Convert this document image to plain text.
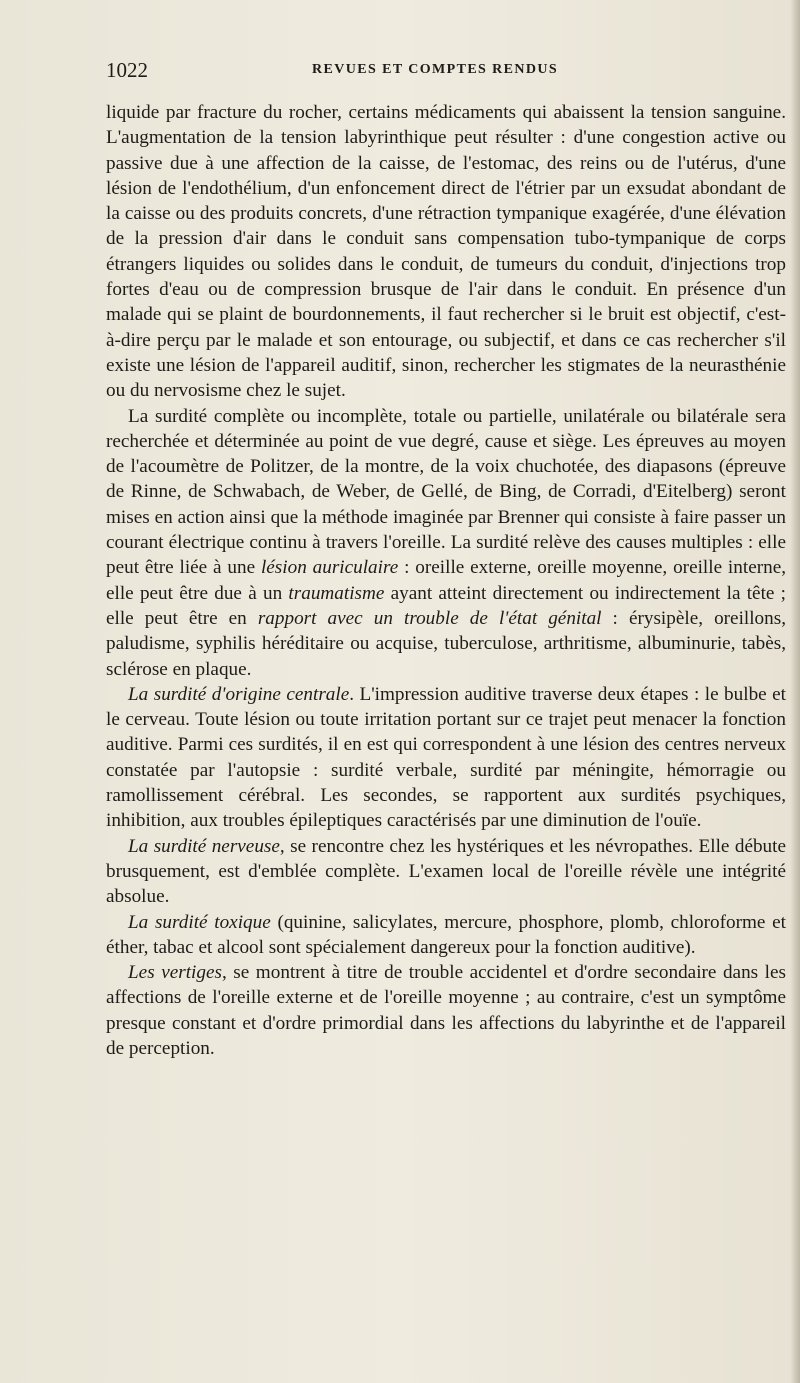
1022	REVUES ET COMPTES RENDUS

liquide par fracture du rocher, certains médicaments qui abaissent la tension sanguine. L'augmentation de la tension labyrinthique peut résulter : d'une congestion active ou passive due à une affection de la caisse, de l'estomac, des reins ou de l'utérus, d'une lésion de l'endothélium, d'un enfoncement direct de l'étrier par un exsudat abondant de la caisse ou des produits concrets, d'une rétraction tympanique exagérée, d'une élévation de la pression d'air dans le conduit sans compensation tubo-tympanique de corps étrangers liquides ou solides dans le conduit, de tumeurs du conduit, d'injections trop fortes d'eau ou de compression brusque de l'air dans le conduit. En présence d'un malade qui se plaint de bourdonnements, il faut rechercher si le bruit est objectif, c'est-à-dire perçu par le malade et son entourage, ou subjectif, et dans ce cas rechercher s'il existe une lésion de l'appareil auditif, sinon, rechercher les stigmates de la neurasthénie ou du nervosisme chez le sujet.

La surdité complète ou incomplète, totale ou partielle, unilatérale ou bilatérale sera recherchée et déterminée au point de vue degré, cause et siège. Les épreuves au moyen de l'acoumètre de Politzer, de la montre, de la voix chuchotée, des diapasons (épreuve de Rinne, de Schwabach, de Weber, de Gellé, de Bing, de Corradi, d'Eitelberg) seront mises en action ainsi que la méthode imaginée par Brenner qui consiste à faire passer un courant électrique continu à travers l'oreille. La surdité relève des causes multiples : elle peut être liée à une lésion auriculaire : oreille externe, oreille moyenne, oreille interne, elle peut être due à un traumatisme ayant atteint directement ou indirectement la tête ; elle peut être en rapport avec un trouble de l'état génital : érysipèle, oreillons, paludisme, syphilis héréditaire ou acquise, tuberculose, arthritisme, albuminurie, tabès, sclérose en plaque.

La surdité d'origine centrale. L'impression auditive traverse deux étapes : le bulbe et le cerveau. Toute lésion ou toute irritation portant sur ce trajet peut menacer la fonction auditive. Parmi ces surdités, il en est qui correspondent à une lésion des centres nerveux constatée par l'autopsie : surdité verbale, surdité par méningite, hémorragie ou ramollissement cérébral. Les secondes, se rapportent aux surdités psychiques, inhibition, aux troubles épileptiques caractérisés par une diminution de l'ouïe.

La surdité nerveuse, se rencontre chez les hystériques et les névropathes. Elle débute brusquement, est d'emblée complète. L'examen local de l'oreille révèle une intégrité absolue.

La surdité toxique (quinine, salicylates, mercure, phosphore, plomb, chloroforme et éther, tabac et alcool sont spécialement dangereux pour la fonction auditive).

Les vertiges, se montrent à titre de trouble accidentel et d'ordre secondaire dans les affections de l'oreille externe et de l'oreille moyenne ; au contraire, c'est un symptôme presque constant et d'ordre primordial dans les affections du labyrinthe et de l'appareil de perception.
